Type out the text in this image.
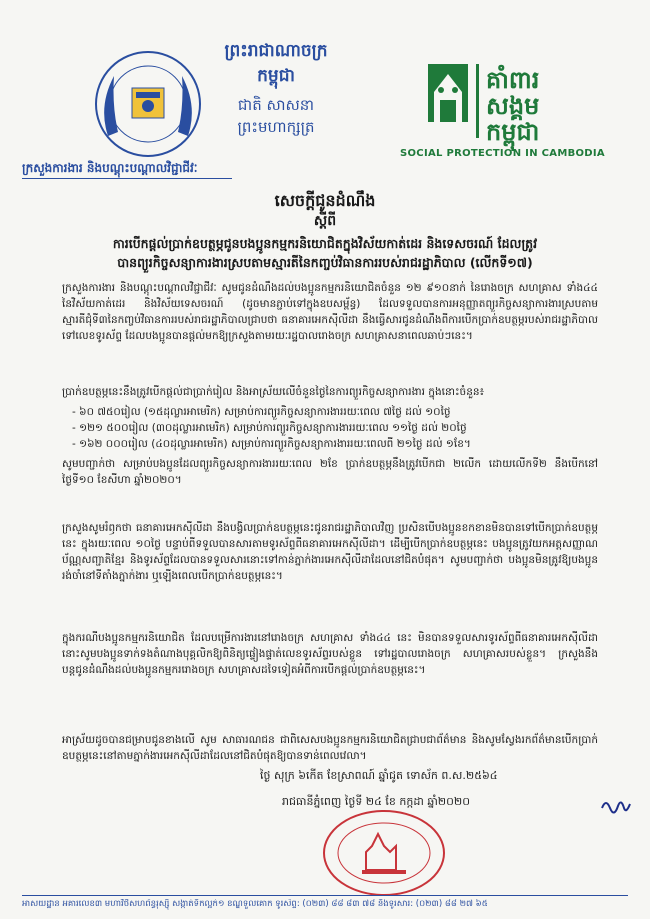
ព្រះរាជាណាចក្រកម្ពុជា
ជាតិ សាសនា ព្រះមហាក្សត្រ
គាំពារ
សង្គម
កម្ពុជា
SOCIAL PROTECTION IN CAMBODIA
ក្រសួងការងារ និងបណ្តុះបណ្តាលវិជ្ជាជីវៈ
សេចក្តីជូនដំណឹង
ស្តីពី
ការបើកផ្តល់ប្រាក់ឧបត្ថម្ភជូនបងប្អូនកម្មករនិយោជិតក្នុងវិស័យកាត់ដេរ និងទេសចរណ៍ ដែលត្រូវ
បានព្យួរកិច្ចសន្យាការងារស្របតាមស្មារតីនៃកញ្ចប់វិធានការរបស់រាជរដ្ឋាភិបាល (លើកទី១៧)
ក្រសួងការងារ និងបណ្តុះបណ្តាលវិជ្ជាជីវៈ សូមជូនដំណឹងដល់បងប្អូនកម្មករនិយោជិតចំនួន ១២ ៩១០នាក់ នៃរោងចក្រ សហគ្រាស ទាំង៤៤ នៃវិស័យកាត់ដេរ និងវិស័យទេសចរណ៍ (ដូចមានភ្ជាប់ទៅក្នុងឧបសម្ព័ន្ធ) ដែលទទួលបានការអនុញ្ញាតព្យួរកិច្ចសន្យាការងារស្របតាមស្មារតីជុំទី៣នៃកញ្ចប់វិធានការរបស់រាជរដ្ឋាភិបាលជ្រាបថា ធនាគារអេកស៊ីលីដា នឹងធ្វើសារជូនដំណឹងពីការបើកប្រាក់ឧបត្ថម្ភរបស់រាជរដ្ឋាភិបាលទៅលេខទូរស័ព្ទ ដែលបងប្អូនបានផ្តល់មកឱ្យក្រសួងតាមរយៈរដ្ឋបាលរោងចក្រ សហគ្រាសនាពេលឆាប់ៗនេះ។
ប្រាក់ឧបត្ថម្ភនេះនឹងត្រូវបើកផ្តល់ជាប្រាក់រៀល និងអាស្រ័យលើចំនួនថ្ងៃនៃការព្យួរកិច្ចសន្យាការងារ ក្នុងនោះចំនួន៖
- ៦០ ៧៥០រៀល (១៥ដុល្លារអាមេរិក) សម្រាប់ការព្យួរកិច្ចសន្យាការងាររយៈពេល ៧ថ្ងៃ ដល់ ១០ថ្ងៃ
- ១២១ ៥០០រៀល (៣០ដុល្លារអាមេរិក) សម្រាប់ការព្យួរកិច្ចសន្យាការងាររយៈពេល ១១ថ្ងៃ ដល់ ២០ថ្ងៃ
- ១៦២ ០០០រៀល (៤០ដុល្លារអាមេរិក) សម្រាប់ការព្យួរកិច្ចសន្យាការងាររយៈពេលពី ២១ថ្ងៃ ដល់ ១ខែ។
សូមបញ្ជាក់ថា សម្រាប់បងប្អូនដែលព្យួរកិច្ចសន្យាការងាររយៈពេល ២ខែ ប្រាក់ឧបត្ថម្ភនឹងត្រូវបើកជា ២លើក ដោយលើកទី២ នឹងបើកនៅថ្ងៃទី១០ ខែសីហា ឆ្នាំ២០២០។
ក្រសួងសូមរំឭកថា ធនាគារអេកស៊ីលីដា នឹងបង្វិលប្រាក់ឧបត្ថម្ភនេះជូនរាជរដ្ឋាភិបាលវិញ ប្រសិនបើបងប្អូនខកខានមិនបានទៅបើកប្រាក់ឧបត្ថម្ភនេះ ក្នុងរយៈពេល ១០ថ្ងៃ បន្ទាប់ពីទទួលបានសារតាមទូរស័ព្ទពីធនាគារអេកស៊ីលីដា។ ដើម្បីបើកប្រាក់ឧបត្ថម្ភនេះ បងប្អូនត្រូវយកអត្តសញ្ញាណប័ណ្ណសញ្ជាតិខ្មែរ និងទូរស័ព្ទដែលបានទទួលសារនោះទៅកាន់ភ្នាក់ងារអេកស៊ីលីដាដែលនៅជិតបំផុត។ សូមបញ្ជាក់ថា បងប្អូនមិនត្រូវឱ្យបងប្អូនរង់ចាំនៅទីតាំងភ្នាក់ងារ ឬឡើងពេលបើកប្រាក់ឧបត្ថម្ភនេះ។
ក្នុងករណីបងប្អូនកម្មករនិយោជិត ដែលបម្រើការងារនៅរោងចក្រ សហគ្រាស ទាំង៤៤ នេះ មិនបានទទួលសារទូរស័ព្ទពីធនាគារអេកស៊ីលីដា នោះសូមបងប្អូនទាក់ទងតំណាងបុគ្គលិកឱ្យពិនិត្យផ្ទៀងផ្ទាត់លេខទូរស័ព្ទរបស់ខ្លួន ទៅរដ្ឋបាលរោងចក្រ សហគ្រាសរបស់ខ្លួន។ ក្រសួងនឹងបន្តជូនដំណឹងដល់បងប្អូនកម្មកររោងចក្រ សហគ្រាសដទៃទៀតអំពីការបើកផ្តល់ប្រាក់ឧបត្ថម្ភនេះ។
អាស្រ័យដូចបានជម្រាបជូនខាងលើ សូម សាធារណជន ជាពិសេសបងប្អូនកម្មករនិយោជិតជ្រាបជាព័ត៌មាន និងសូមស្វែងរកព័ត៌មានបើកប្រាក់ឧបត្ថម្ភនេះនៅតាមភ្នាក់ងារអេកស៊ីលីដាដែលនៅជិតបំផុតឱ្យបានទាន់ពេលវេលា។
ថ្ងៃ សុក្រ ៦កើត ខែស្រាពណ៍ ឆ្នាំជូត ទោស័ក ព.ស.២៥៦៤
រាជធានីភ្នំពេញ ថ្ងៃទី ២៤ ខែ កក្កដា ឆ្នាំ២០២០
អាសយដ្ឋាន អគារលេខ៣ មហាវិថីសហព័ន្ធរុស្ស៊ី សង្កាត់ទឹកល្អក់១ ខណ្ឌទួលគោក ទូរស័ព្ទ: (០២៣) ៨៨ ៨៣ ៧៨ និងទូរសារ: (០២៣) ៨៨ ២៧ ៦៥
